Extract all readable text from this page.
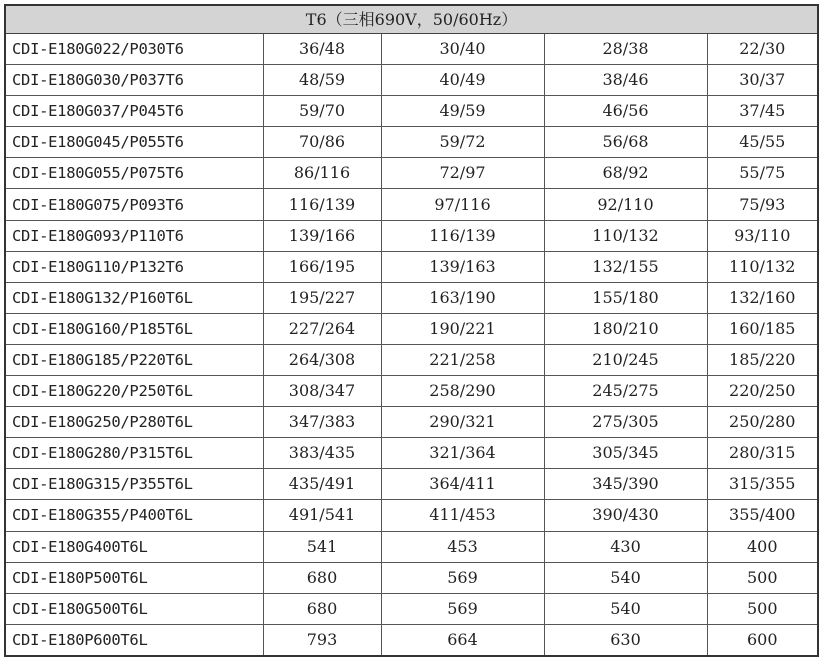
T6（三相690V，50/60Hz）				
CDI-E180G022/P030T6	36/48	30/40	28/38	22/30
CDI-E180G030/P037T6	48/59	40/49	38/46	30/37
CDI-E180G037/P045T6	59/70	49/59	46/56	37/45
CDI-E180G045/P055T6	70/86	59/72	56/68	45/55
CDI-E180G055/P075T6	86/116	72/97	68/92	55/75
CDI-E180G075/P093T6	116/139	97/116	92/110	75/93
CDI-E180G093/P110T6	139/166	116/139	110/132	93/110
CDI-E180G110/P132T6	166/195	139/163	132/155	110/132
CDI-E180G132/P160T6L	195/227	163/190	155/180	132/160
CDI-E180G160/P185T6L	227/264	190/221	180/210	160/185
CDI-E180G185/P220T6L	264/308	221/258	210/245	185/220
CDI-E180G220/P250T6L	308/347	258/290	245/275	220/250
CDI-E180G250/P280T6L	347/383	290/321	275/305	250/280
CDI-E180G280/P315T6L	383/435	321/364	305/345	280/315
CDI-E180G315/P355T6L	435/491	364/411	345/390	315/355
CDI-E180G355/P400T6L	491/541	411/453	390/430	355/400
CDI-E180G400T6L	541	453	430	400
CDI-E180P500T6L	680	569	540	500
CDI-E180G500T6L	680	569	540	500
CDI-E180P600T6L	793	664	630	600
